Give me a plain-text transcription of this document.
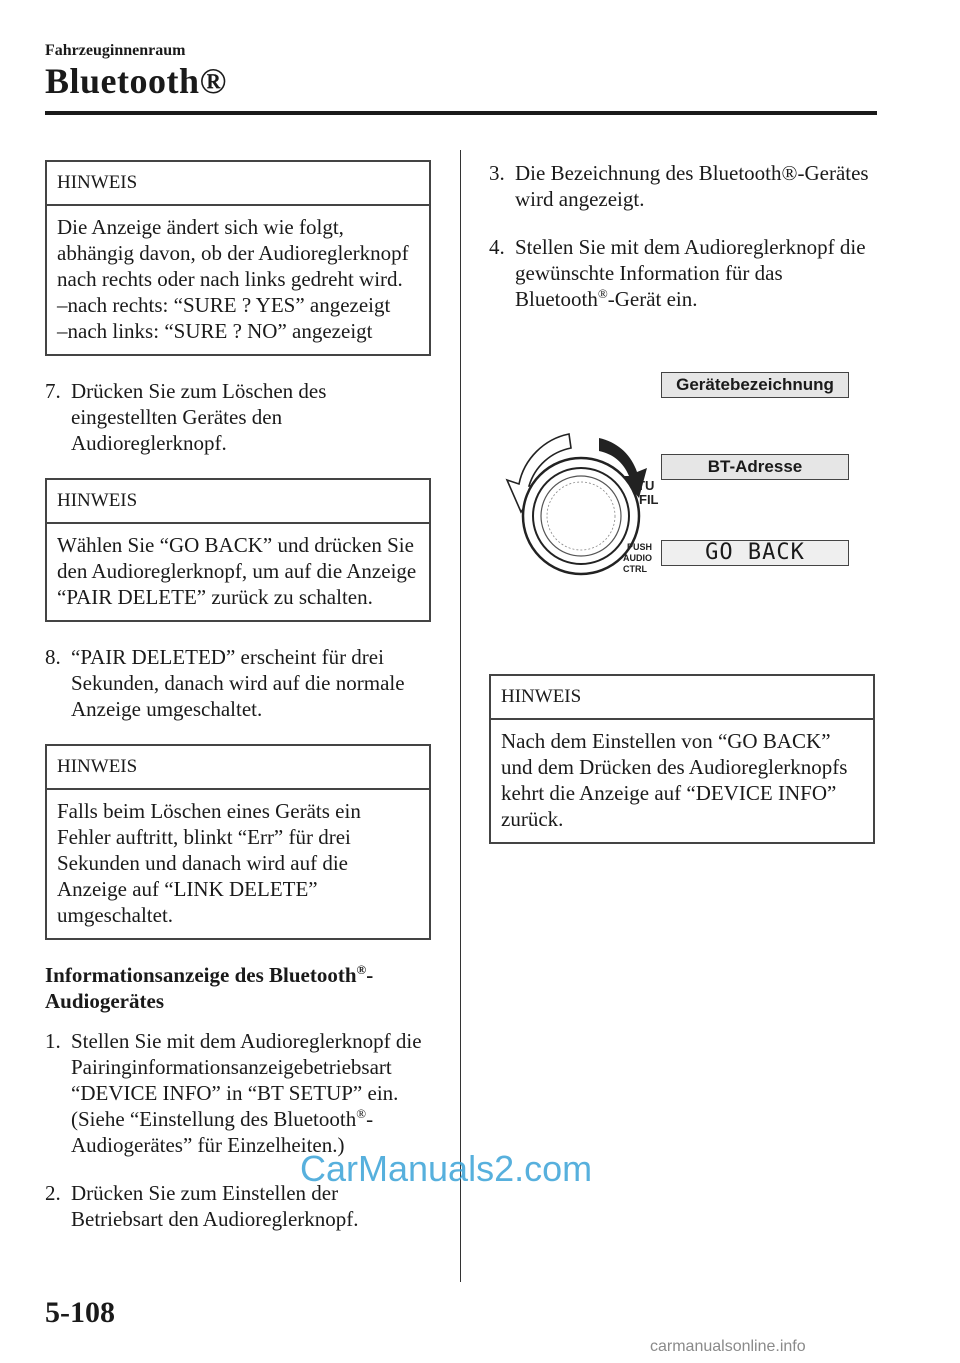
Fahrzeuginnenraum
Bluetooth®
HINWEIS

Die Anzeige ändert sich wie folgt, abhängig davon, ob der Audioreglerknopf nach rechts oder nach links gedreht wird.

–nach rechts: “SURE ? YES” angezeigt

–nach links: “SURE ? NO” angezeigt

7. Drücken Sie zum Löschen des eingestellten Gerätes den Audioreglerknopf.
HINWEIS

Wählen Sie “GO BACK” und drücken Sie den Audioreglerknopf, um auf die Anzeige “PAIR DELETE” zurück zu schalten.

8. “PAIR DELETED” erscheint für drei Sekunden, danach wird auf die normale Anzeige umgeschaltet.
HINWEIS

Falls beim Löschen eines Geräts ein Fehler auftritt, blinkt “Err” für drei Sekunden und danach wird auf die Anzeige auf “LINK DELETE” umgeschaltet.

Informationsanzeige des Bluetooth®-Audiogerätes
1. Stellen Sie mit dem Audioreglerknopf die Pairinginformationsanzeigebetriebsart “DEVICE INFO” in “BT SETUP” ein. (Siehe “Einstellung des Bluetooth®-Audiogerätes” für Einzelheiten.)
2. Drücken Sie zum Einstellen der Betriebsart den Audioreglerknopf.
3. Die Bezeichnung des Bluetooth®-Gerätes wird angezeigt.
4. Stellen Sie mit dem Audioreglerknopf die gewünschte Information für das Bluetooth®-Gerät ein.
TU
FIL
PUSH
AUDIO
CTRL
Gerätebezeichnung
BT-Adresse
GO BACK
HINWEIS

Nach dem Einstellen von “GO BACK” und dem Drücken des Audioreglerknopfs kehrt die Anzeige auf “DEVICE INFO” zurück.

5-108
CarManuals2.com
carmanualsonline.info
